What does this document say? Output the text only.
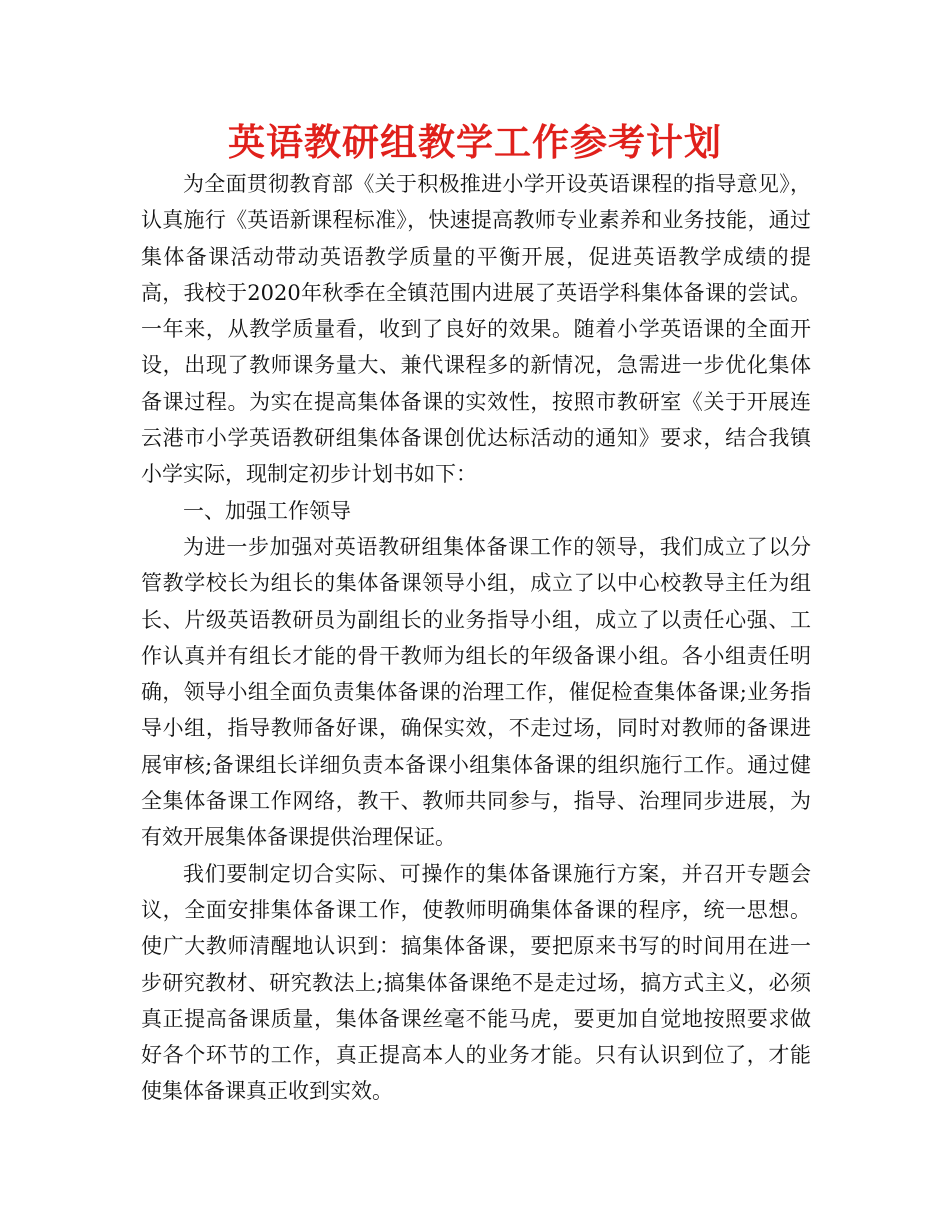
英语教研组教学工作参考计划

为全面贯彻教育部《关于积极推进小学开设英语课程的指导意见》，认真施行《英语新课程标准》，快速提高教师专业素养和业务技能，通过集体备课活动带动英语教学质量的平衡开展，促进英语教学成绩的提高，我校于2020年秋季在全镇范围内进展了英语学科集体备课的尝试。一年来，从教学质量看，收到了良好的效果。随着小学英语课的全面开设，出现了教师课务量大、兼代课程多的新情况，急需进一步优化集体备课过程。为实在提高集体备课的实效性，按照市教研室《关于开展连云港市小学英语教研组集体备课创优达标活动的通知》要求，结合我镇小学实际，现制定初步计划书如下：

一、加强工作领导

为进一步加强对英语教研组集体备课工作的领导，我们成立了以分管教学校长为组长的集体备课领导小组，成立了以中心校教导主任为组长、片级英语教研员为副组长的业务指导小组，成立了以责任心强、工作认真并有组长才能的骨干教师为组长的年级备课小组。各小组责任明确，领导小组全面负责集体备课的治理工作，催促检查集体备课;业务指导小组，指导教师备好课，确保实效，不走过场，同时对教师的备课进展审核;备课组长详细负责本备课小组集体备课的组织施行工作。通过健全集体备课工作网络，教干、教师共同参与，指导、治理同步进展，为有效开展集体备课提供治理保证。

我们要制定切合实际、可操作的集体备课施行方案，并召开专题会议，全面安排集体备课工作，使教师明确集体备课的程序，统一思想。使广大教师清醒地认识到：搞集体备课，要把原来书写的时间用在进一步研究教材、研究教法上;搞集体备课绝不是走过场，搞方式主义，必须真正提高备课质量，集体备课丝毫不能马虎，要更加自觉地按照要求做好各个环节的工作，真正提高本人的业务才能。只有认识到位了，才能使集体备课真正收到实效。
